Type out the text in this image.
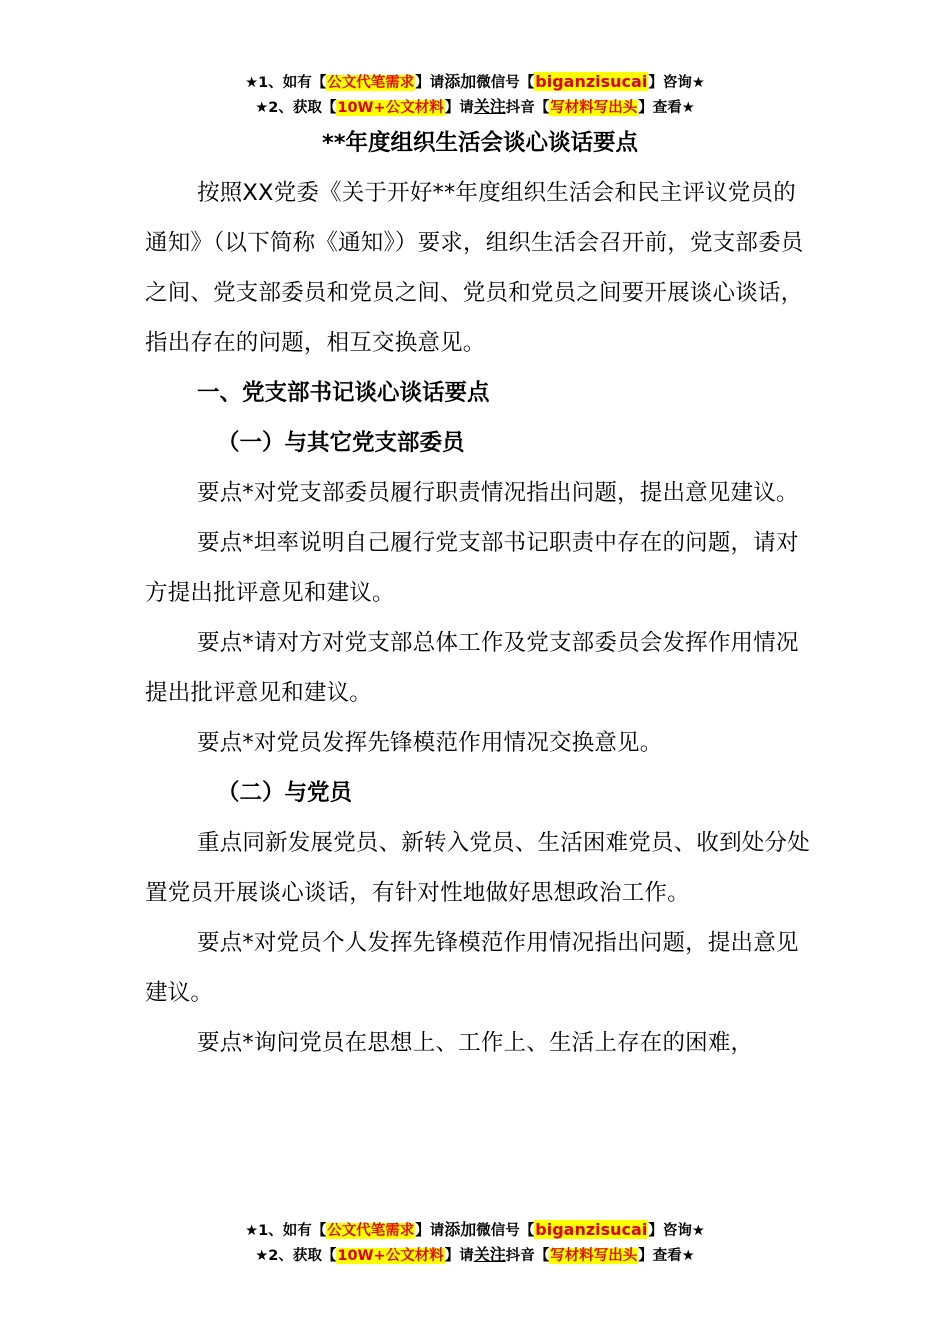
★1、如有【公文代笔需求】请添加微信号【biganzisucai】咨询★
★2、获取【10W+公文材料】请关注抖音【写材料写出头】查看★
**年度组织生活会谈心谈话要点

按照XX党委《关于开好**年度组织生活会和民主评议党员的通知》（以下简称《通知》）要求，组织生活会召开前，党支部委员之间、党支部委员和党员之间、党员和党员之间要开展谈心谈话，指出存在的问题，相互交换意见。

一、党支部书记谈心谈话要点

（一）与其它党支部委员

要点*对党支部委员履行职责情况指出问题，提出意见建议。

要点*坦率说明自己履行党支部书记职责中存在的问题，请对方提出批评意见和建议。

要点*请对方对党支部总体工作及党支部委员会发挥作用情况提出批评意见和建议。

要点*对党员发挥先锋模范作用情况交换意见。

（二）与党员

重点同新发展党员、新转入党员、生活困难党员、收到处分处置党员开展谈心谈话，有针对性地做好思想政治工作。

要点*对党员个人发挥先锋模范作用情况指出问题，提出意见建议。

要点*询问党员在思想上、工作上、生活上存在的困难，

★1、如有【公文代笔需求】请添加微信号【biganzisucai】咨询★
★2、获取【10W+公文材料】请关注抖音【写材料写出头】查看★
